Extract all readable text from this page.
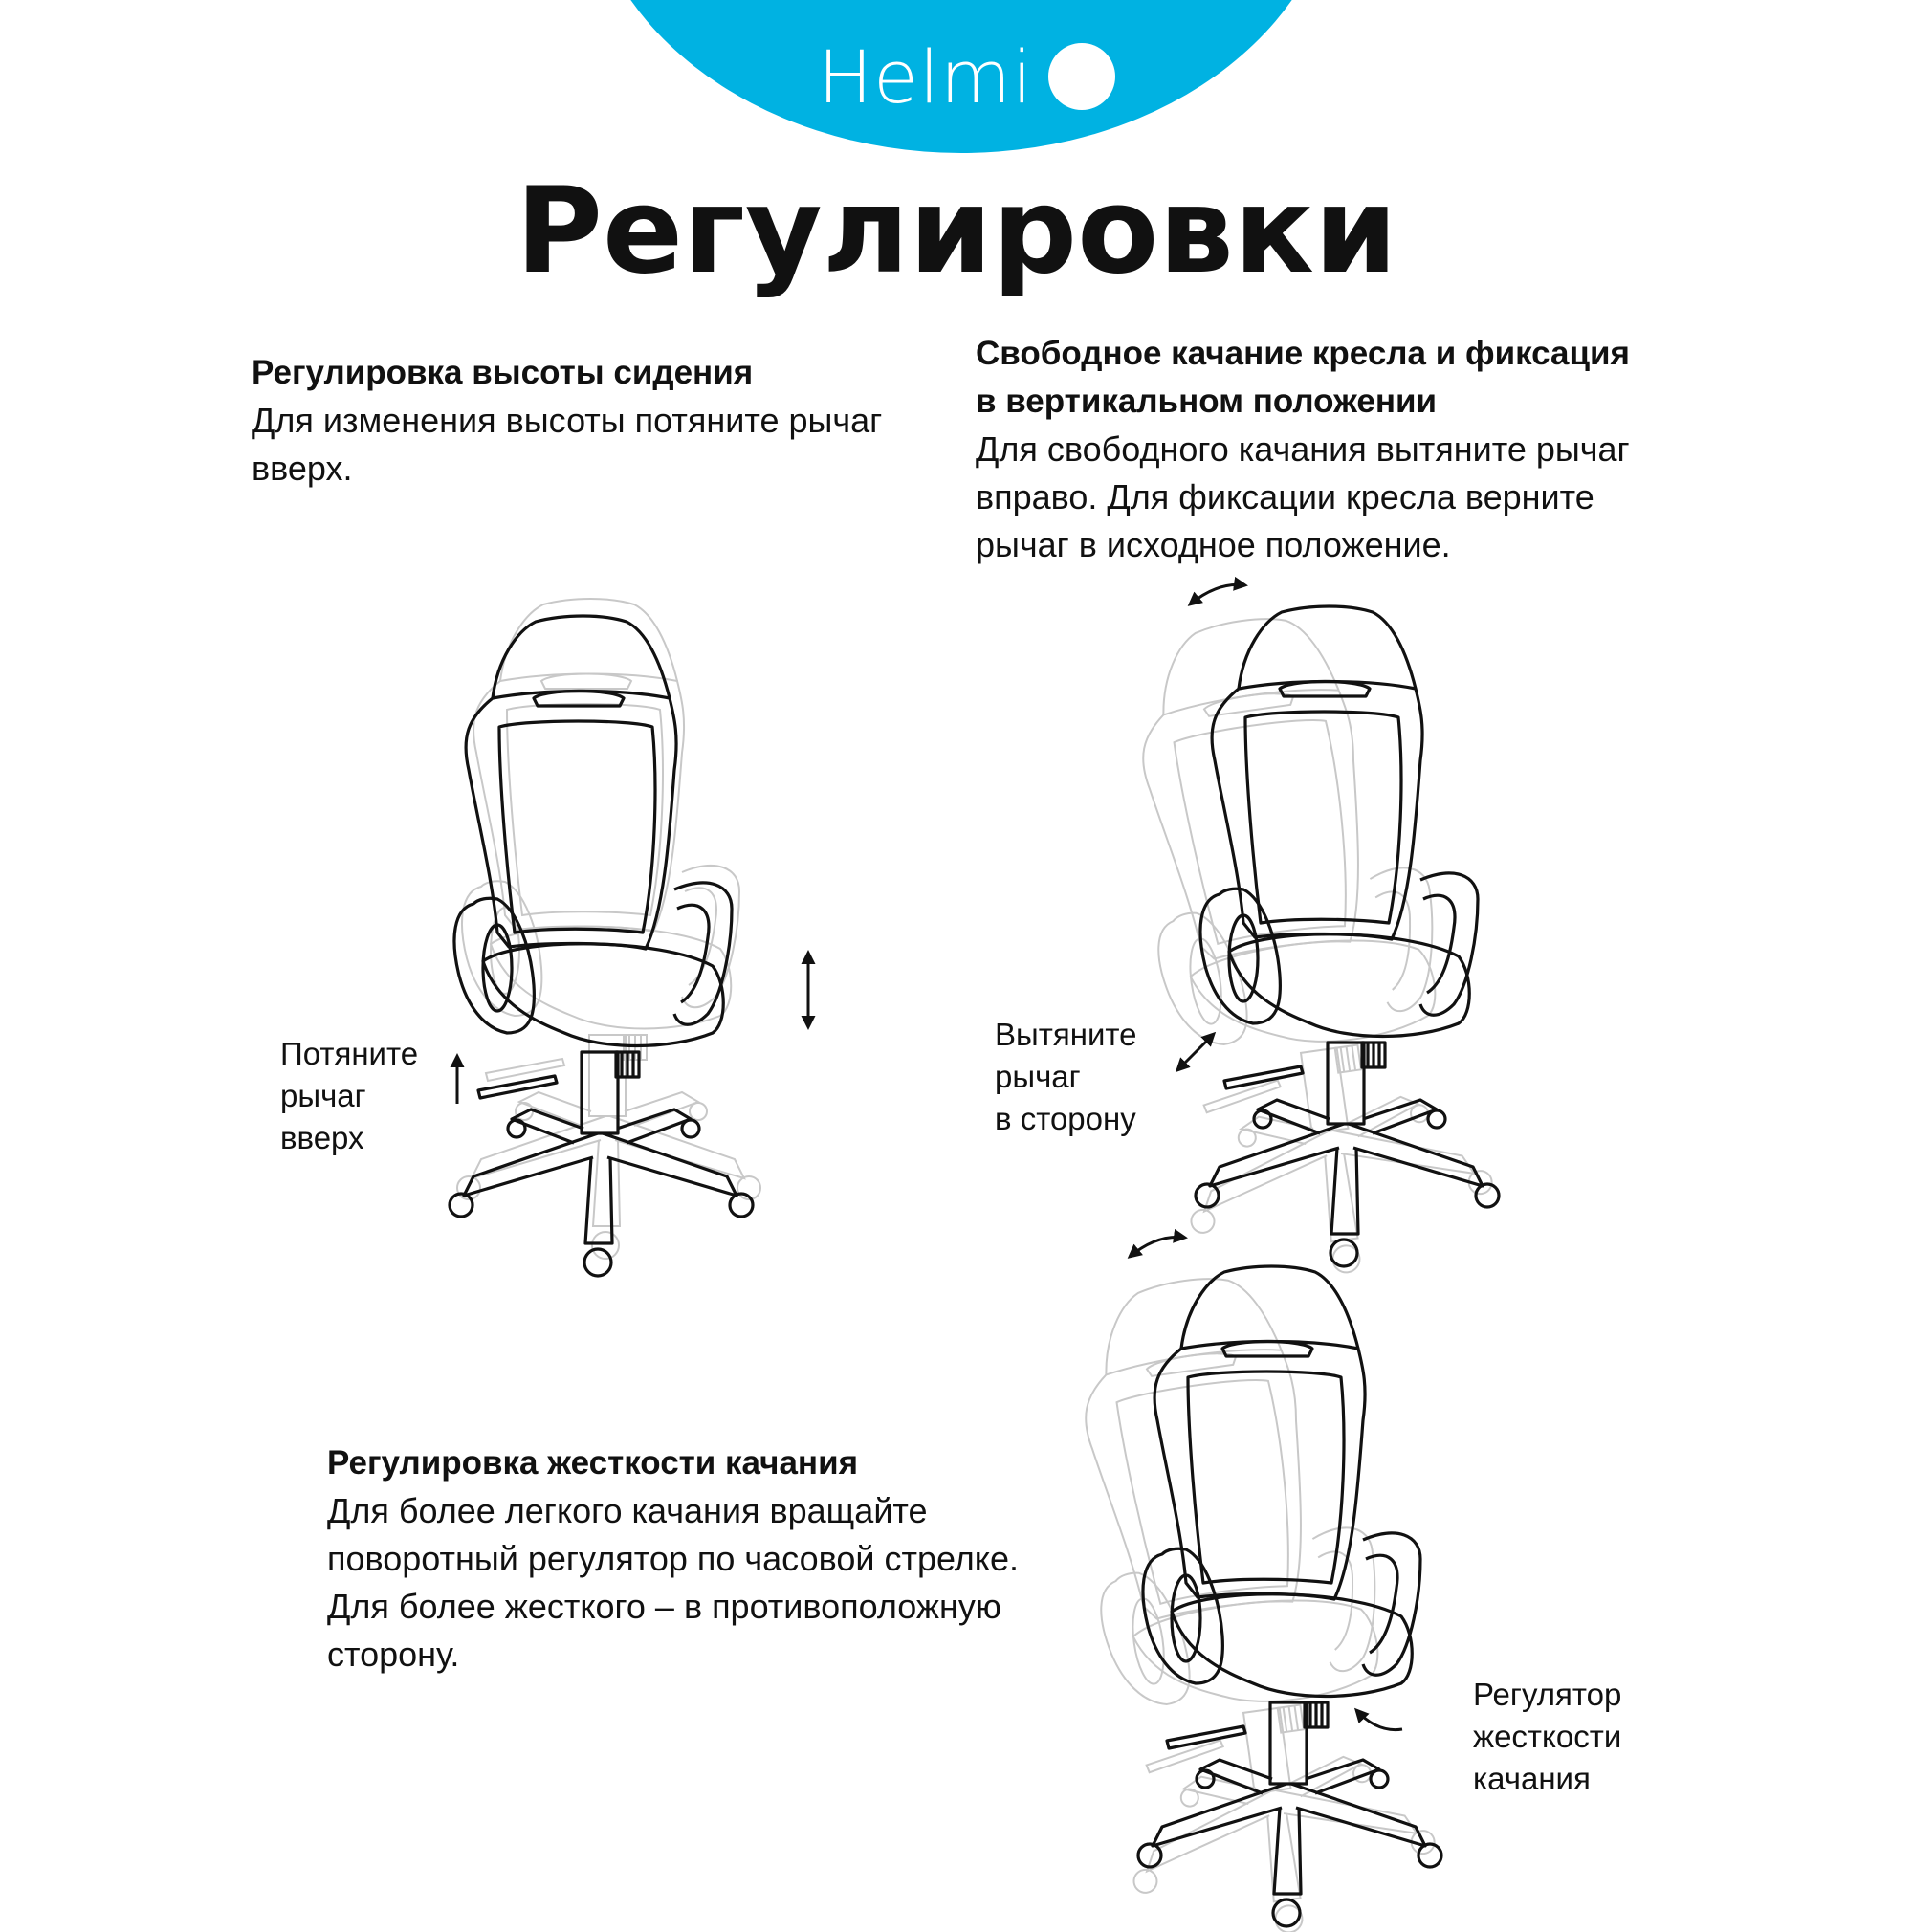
Helmi
Регулировки
Регулировка высоты сидения

Для изменения высоты потяните рычаг

вверх.

Свободное качание кресла и фиксация
в вертикальном положении

Для свободного качания вытяните рычаг

вправо. Для фиксации кресла верните

рычаг в исходное положение.

Регулировка жесткости качания

Для более легкого качания вращайте

поворотный регулятор по часовой стрелке.

Для более жесткого – в противоположную

сторону.

Потяните
рычаг
вверх
Вытяните
рычаг
в сторону
Регулятор
жесткости
качания
